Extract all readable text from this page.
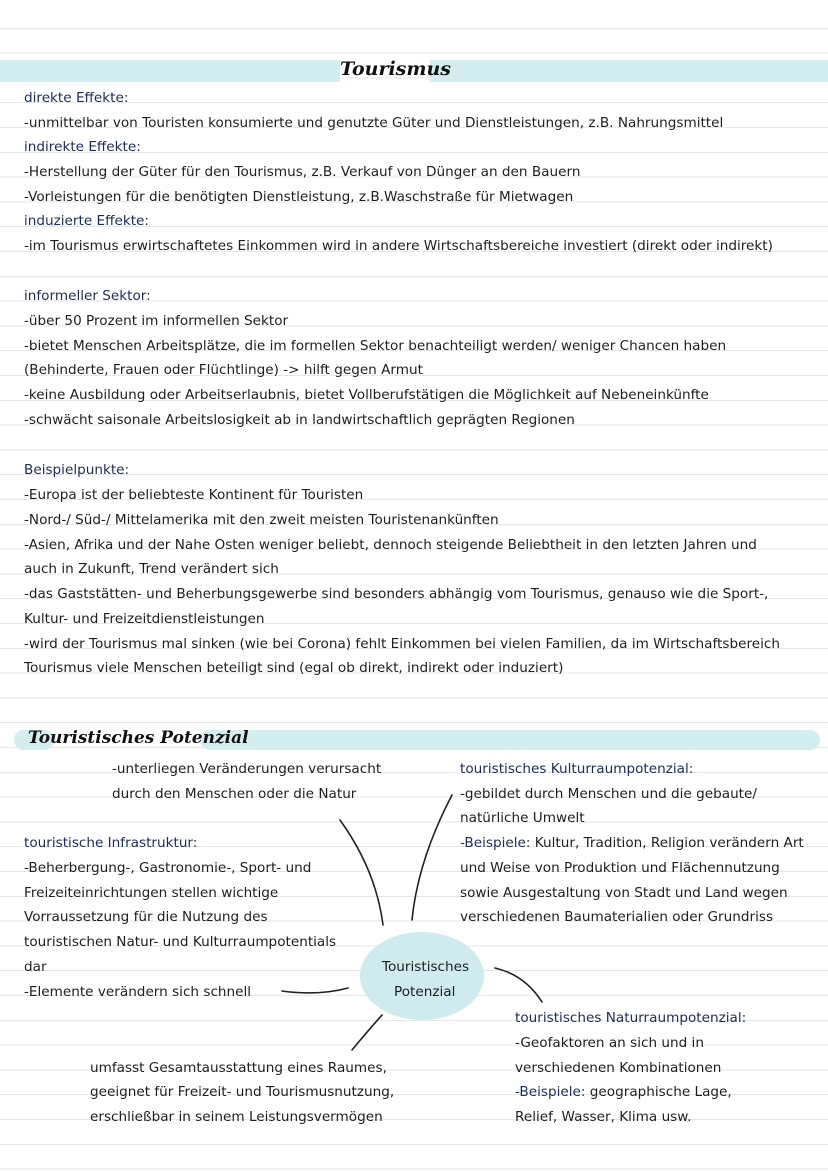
Tourismus

direkte Effekte:

-unmittelbar von Touristen konsumierte und genutzte Güter und Dienstleistungen, z.B. Nahrungsmittel

indirekte Effekte:

-Herstellung der Güter für den Tourismus, z.B. Verkauf von Dünger an den Bauern

-Vorleistungen für die benötigten Dienstleistung, z.B.Waschstraße für Mietwagen

induzierte Effekte:

-im Tourismus erwirtschaftetes Einkommen wird in andere Wirtschaftsbereiche investiert (direkt oder indirekt)

informeller Sektor:

-über 50 Prozent im informellen Sektor

-bietet Menschen Arbeitsplätze, die im formellen Sektor benachteiligt werden/ weniger Chancen haben

(Behinderte, Frauen oder Flüchtlinge) -> hilft gegen Armut

-keine Ausbildung oder Arbeitserlaubnis, bietet Vollberufstätigen die Möglichkeit auf Nebeneinkünfte

-schwächt saisonale Arbeitslosigkeit ab in landwirtschaftlich geprägten Regionen

Beispielpunkte:

-Europa ist der beliebteste Kontinent für Touristen

-Nord-/ Süd-/ Mittelamerika mit den zweit meisten Touristenankünften

-Asien, Afrika und der Nahe Osten weniger beliebt, dennoch steigende Beliebtheit in den letzten Jahren und

auch in Zukunft, Trend verändert sich

-das Gaststätten- und Beherbungsgewerbe sind besonders abhängig vom Tourismus, genauso wie die Sport-,

Kultur- und Freizeitdienstleistungen

-wird der Tourismus mal sinken (wie bei Corona) fehlt Einkommen bei vielen Familien, da im Wirtschaftsbereich

Tourismus viele Menschen beteiligt sind (egal ob direkt, indirekt oder induziert)

Touristisches Potenzial

Touristisches

Potenzial

-unterliegen Veränderungen verursacht

durch den Menschen oder die Natur

touristisches Kulturraumpotenzial:

-gebildet durch Menschen und die gebaute/

natürliche Umwelt

-Beispiele: Kultur, Tradition, Religion verändern Art

und Weise von Produktion und Flächennutzung

sowie Ausgestaltung von Stadt und Land wegen

verschiedenen Baumaterialien oder Grundriss

touristische Infrastruktur:

-Beherbergung-, Gastronomie-, Sport- und

Freizeiteinrichtungen stellen wichtige

Vorraussetzung für die Nutzung des

touristischen Natur- und Kulturraumpotentials

dar

-Elemente verändern sich schnell

touristisches Naturraumpotenzial:

-Geofaktoren an sich und in

verschiedenen Kombinationen

-Beispiele: geographische Lage,

Relief, Wasser, Klima usw.

umfasst Gesamtausstattung eines Raumes,

geeignet für Freizeit- und Tourismusnutzung,

erschließbar in seinem Leistungsvermögen
